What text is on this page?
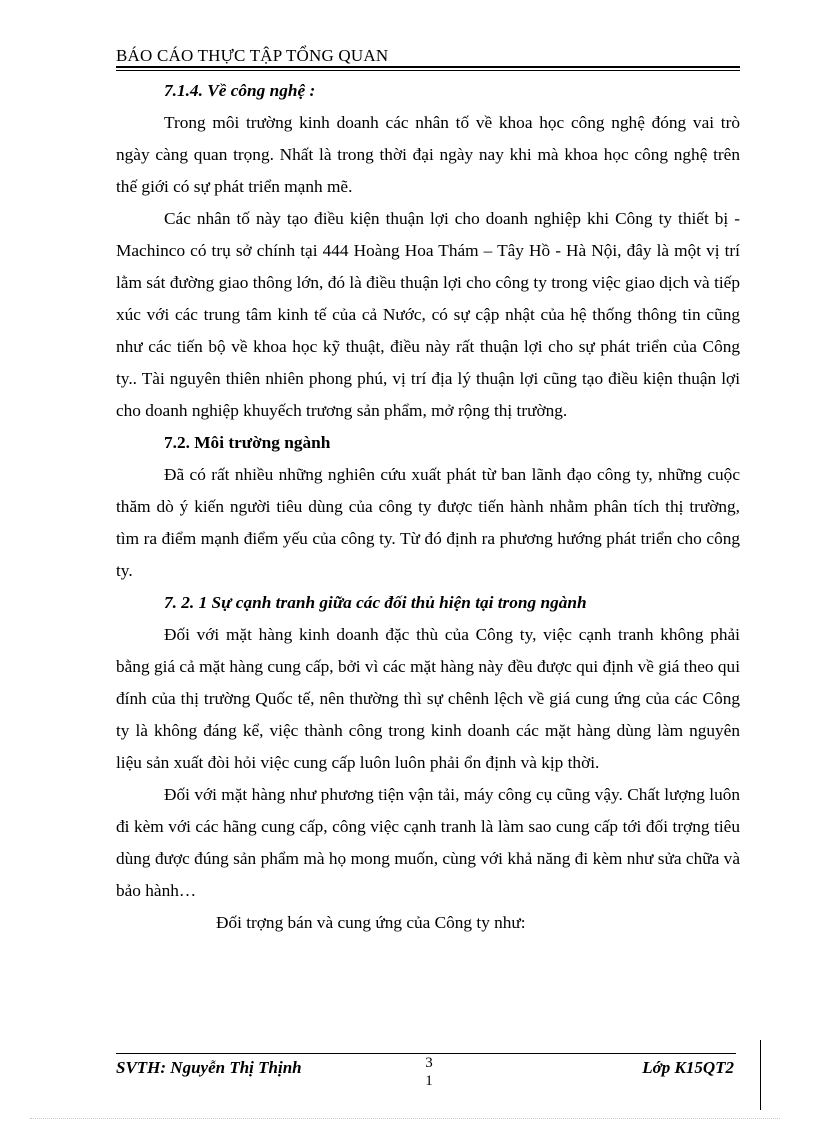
BÁO CÁO THỰC TẬP TỔNG QUAN

7.1.4. Về công nghệ :

Trong môi trường kinh doanh các nhân tố về khoa học công nghệ đóng vai trò ngày càng quan trọng. Nhất là trong thời đại ngày nay khi mà khoa học công nghệ trên thế giới có sự phát triển mạnh mẽ.

Các nhân tố này tạo điều kiện thuận lợi cho doanh nghiệp khi Công ty thiết bị - Machinco có trụ sở chính tại 444 Hoàng Hoa Thám – Tây Hồ - Hà Nội, đây là một vị trí lằm sát đường giao thông lớn, đó là điều thuận lợi cho công ty trong việc giao dịch và tiếp xúc với các trung tâm kinh tế của cả Nước, có sự cập nhật của hệ thống thông tin cũng như các tiến bộ về khoa học kỹ thuật, điều này rất thuận lợi cho sự phát triển của Công ty.. Tài nguyên thiên nhiên phong phú, vị trí địa lý thuận lợi cũng tạo điều kiện thuận lợi cho doanh nghiệp khuyếch trương sản phẩm, mở rộng thị trường.

7.2. Môi trường ngành

Đã có rất nhiều những nghiên cứu xuất phát từ ban lãnh đạo công ty, những cuộc thăm dò ý kiến người tiêu dùng của công ty được tiến hành nhằm phân tích thị trường, tìm ra điểm mạnh điểm yếu của công ty. Từ đó định ra phương hướng phát triển cho công ty.

7. 2. 1 Sự cạnh tranh giữa các đối thủ hiện tại trong ngành

Đối với mặt hàng kinh doanh đặc thù của Công ty, việc cạnh tranh không phải bằng giá cả mặt hàng cung cấp, bởi vì các mặt hàng này đều được qui định về giá theo qui đính của thị trường Quốc tế, nên thường thì sự chênh lệch về giá cung ứng của các Công ty là không đáng kể, việc thành công trong kinh doanh các mặt hàng dùng làm nguyên liệu sản xuất đòi hỏi việc cung cấp luôn luôn phải ổn định và kịp thời.

Đối với mặt hàng như phương tiện vận tải, máy công cụ cũng vậy. Chất lượng luôn đi kèm với các hãng cung cấp, công việc cạnh tranh là làm sao cung cấp tới đối trợng tiêu dùng được đúng sản phẩm mà họ mong muốn, cùng với khả năng đi kèm như sửa chữa và bảo hành…

Đối trợng bán và cung ứng của Công ty như:

SVTH: Nguyễn Thị Thịnh	3
1
Lớp K15QT2
